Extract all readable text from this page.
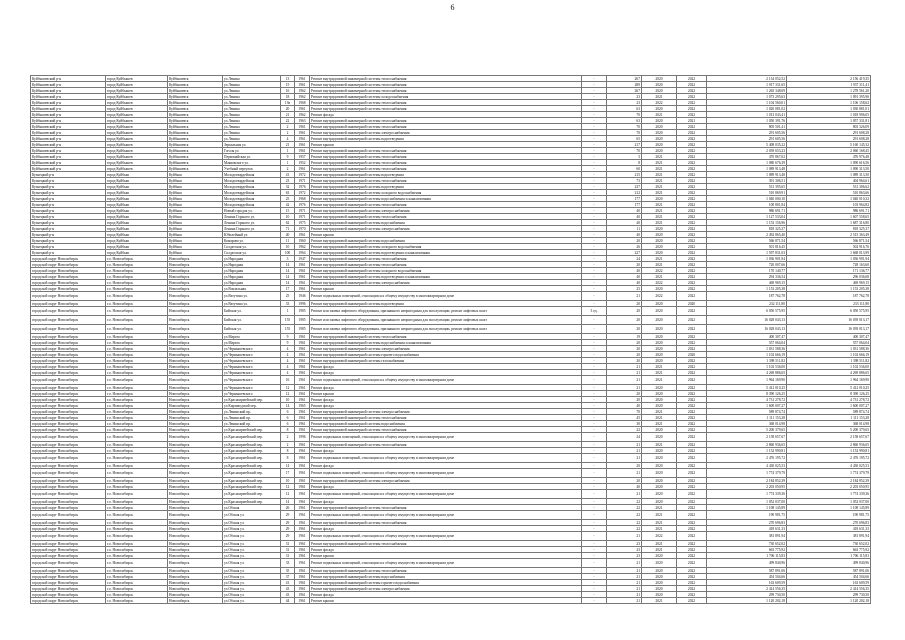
6
Куйбышевский р-н	город Куйбышев	Куйбышевск	ул.Ленина	13	1961	Ремонт внутридомовой инженерной системы теплоснабжения	-	267	2020	2022	2 134 052,52	2 156 419,35
Куйбышевский р-н	город Куйбышев	Куйбышевск	ул.Ленина	15	1961	Ремонт внутридомовой инженерной системы теплоснабжения	-	289	2020	2022	1 917 331,65	1 937 311,41
Куйбышевский р-н	город Куйбышев	Куйбышевск	ул.Ленина	16	1962	Ремонт внутридомовой инженерной системы теплоснабжения	-	267	2020	2022	1 265 348,09	1 278 561,20
Куйбышевский р-н	город Куйбышев	Куйбышевск	ул.Ленина	18	1962	Ремонт внутридомовой инженерной системы холодоснабжения	-	23	2021	2022	1 073 295,63	1 091 395,96
Куйбышевский р-н	город Куйбышев	Куйбышевск	ул.Ленина	19а	1968	Ремонт внутридомовой инженерной системы теплоснабжения	-	23	2022	2022	1 104 560,01	1 106 158,62
Куйбышевский р-н	город Куйбышев	Куйбышевск	ул.Ленина	20	1961	Ремонт внутридомовой инженерной системы теплоснабжения	-	63	2020	2022	1 020 081,02	1 030 881,01
Куйбышевский р-н	город Куйбышев	Куйбышевск	ул.Ленина	21	1962	Ремонт фасада	-	70	2021	2022	1 013 043,41	1 018 906,05
Куйбышевский р-н	город Куйбышев	Куйбышевск	ул.Ленина	22	1963	Ремонт внутридомовой инженерной системы теплоснабжения	-	63	2020	2021	1 050 391,76	1 057 331,81
Куйбышевский р-н	город Куйбышев	Куйбышевск	ул.Ленина	2	1961	Ремонт внутридомовой инженерной системы теплоснабжения	-	70	2020	2022	805 501,41	803 326,09
Куйбышевский р-н	город Куйбышев	Куйбышевск	ул.Ленина	2	1961	Ремонт внутридомовой инженерной системы электроснабжения	-	70	2020	2022	291 605,56	291 608,28
Куйбышевский р-н	город Куйбышев	Куйбышевск	ул.Ленина	4	1961	Ремонт внутридомовой инженерной системы водоотведения	-	65	2020	2022	291 605,56	291 608,28
Куйбышевский р-н	город Куйбышев	Куйбышевск	Зеркальная ул.	21	1961	Ремонт крыши	-	217	2020	2022	5 408 035,22	5 160 145,32
Куйбышевский р-н	город Куйбышев	Куйбышевск	Гоголя ул.	1	1961	Ремонт внутридомовой инженерной системы теплоснабжения	-	70	2020	2022	2 039 653,23	2 060 168,45
Куйбышевский р-н	город Куйбышев	Куйбышевск	Первомайская ул.	9	1957	Ремонт внутридомовой инженерной системы теплоснабжения	-	3	2021	2022	470 867,02	476 976,48
Куйбышевский р-н	город Куйбышев	Куйбышевск	Маяковского ул.	1	1952	Ремонт внутридомовой инженерной системы теплоснабжения	-	8	2021	2022	1 080 676,39	1 090 616,56
Куйбышевский р-н	город Куйбышев	Куйбышевск	Учебный переулок	2	1961	Ремонт внутридомовой инженерной системы теплоснабжения	-	60	2021	2022	1 089 913,48	1 090 313,50
Кузнецкий р-н	город Куйбыш	Куйбыш	Молодогвардейская	41	1972	Ремонт внутридомовой инженерной системы водоотведения	-	215	2021	2022	1 089 913,48	1 089 313,50
Кузнецкий р-н	город Куйбыш	Куйбыш	Молодогвардейская	23	1971	Ремонт внутридомовой инженерной системы теплоснабжения	-	73	2021	2022	391 306,51	404 964,61
Кузнецкий р-н	город Куйбыш	Куйбыш	Молодогвардейская	32	1976	Ремонт внутридомовой инженерной системы водоотведения	-	237	2021	2022	531 395,65	531 306,62
Кузнецкий р-н	город Куйбыш	Куйбыш	Молодогвардейская	63	1972	Ремонт внутридомовой инженерной системы холодного водоснабжения	-	212	2021	2022	510 869,91	510 863,66
Кузнецкий р-н	город Куйбыш	Куйбыш	Молодогвардейская	25	1968	Ремонт внутридомовой инженерной системы водоснабжения и канализования	-	177	2020	2022	1 040 000,10	1 040 010,32
Кузнецкий р-н	город Куйбыш	Куйбыш	Молодогвардейская	42	1976	Ремонт внутридомовой инженерной системы теплоснабжения	-	177	2021	2022	100 801,84	103 964,82
Кузнецкий р-н	город Куйбыш	Куйбыш	Новый городок ул.	15	1971	Ремонт внутридомовой инженерной системы электроснабжения	-	40	2021	2022	986 691,71	986 691,71
Кузнецкий р-н	город Куйбыш	Куйбыш	Ленина Горького ул.	10	1971	Ремонт внутридомовой инженерной системы теплоснабжения	-	40	2021	2022	1 127 533,04	1 607 558,65
Кузнецкий р-н	город Куйбыш	Куйбыш	Ленина Горького ул.	62	1975	Ремонт внутридомовой инженерной системы водоснабжения	-	40	2021	2022	1 153 156,96	1 687 316,80
Кузнецкий р-н	город Куйбыш	Куйбыш	Ленина Горького ул.	71	1970	Ремонт внутридомовой инженерной системы электроснабжения	-	11	2020	2022	818 325,37	818 325,37
Кузнецкий р-н	город Куйбыш	Куйбыш	Юбилейный ул.	40	1961	Ремонт крыши	-	40	2020	2022	2 492 865,40	2 515 363,49
Кузнецкий р-н	город Куйбыш	Куйбыш	Комарова ул.	11	1960	Ремонт внутридомовой инженерной системы водоснабжения	-	20	2020	2022	566 871,54	566 871,54
Кузнецкий р-н	город Куйбыш	Куйбыш	Солдатская ул.	10	1962	Ремонт внутридомовой инженерной системы холодного водоснабжения	-	26	2020	2022	501 816,45	502 916,76
Кузнецкий р-н	город Куйбыш	Куйбыш	Солдатская ул.	100	1964	Ремонт внутридомовой инженерной системы водоотведения и канализования	-	227	2020	2022	1 597 831,03	1 668 013,99
городской округ Новосибирск	г.о. Новосибирск	Новосибирск	ул.Народная	3	1947	Ремонт внутридомовой инженерной системы теплоснабжения	-	24	2021	2022	1 036 901,94	1 036 901,94
городской округ Новосибирск	г.о. Новосибирск	Новосибирск	ул.Народная	14	1961	Ремонт внутридомовой инженерной системы теплоснабжения	-	20	2021	2022	720 007,66	728 163,60
городской округ Новосибирск	г.о. Новосибирск	Новосибирск	ул.Народная	14	1961	Ремонт внутридомовой инженерной системы холодного водоснабжения	-	40	2022	2022	170 140,77	171 136,77
городской округ Новосибирск	г.о. Новосибирск	Новосибирск	ул.Народная	14	1961	Ремонт внутридомовой инженерной системы водоотведения и канализования	-	40	2021	2022	294 336,54	296 036,68
городской округ Новосибирск	г.о. Новосибирск	Новосибирск	ул.Народная	14	1961	Ремонт внутридомовой инженерной системы электроснабжения	-	40	2022	2022	469 969,15	469 969,15
городской округ Новосибирск	г.о. Новосибирск	Новосибирск	ул.Вокзальная	17	1961	Ремонт крыши	-	25	2020	2022	1 153 205,38	1 153 205,38
городской округ Новосибирск	г.о. Новосибирск	Новосибирск	ул.Ватутина ул.	25	1946	Ремонт подвальных помещений, относящихся к общему имуществу в многоквартирном доме	-	21	2022	2022	187 762,78	187 762,78
городской округ Новосибирск	г.о. Новосибирск	Новосибирск	ул.Ватутина ул.	33	1996	Ремонт внутридомовой инженерной системы водоотведения	-	20	2020	2020	232 111,80	233 111,80
городской округ Новосибирск	г.о. Новосибирск	Новосибирск	Бийская ул.	1	1985	Ремонт или замена лифтового оборудования, признанного непригодным для эксплуатации, ремонт лифтовых шахт	3 ед.	20	2020	2022	6 050 575,95	6 050 575,95
городской округ Новосибирск	г.о. Новосибирск	Новосибирск	Бийская ул.	155	1985	Ремонт или замена лифтового оборудования, признанного непригодным для эксплуатации, ремонт лифтовых шахт	-	20	2020	2022	16 028 043,13	16 039 013,17
городской округ Новосибирск	г.о. Новосибирск	Новосибирск	Бийская ул.	155	1985	Ремонт или замена лифтового оборудования, признанного непригодным для эксплуатации, ремонт лифтовых шахт	-	20	2020	2022	16 028 043,13	16 039 013,17
городской округ Новосибирск	г.о. Новосибирск	Новосибирск	ул.Марата	9	1961	Ремонт внутридомовой инженерной системы теплоснабжения	-	19	2020	2022	400 307,47	400 307,47
городской округ Новосибирск	г.о. Новосибирск	Новосибирск	ул.Марата	9	1961	Ремонт внутридомовой инженерной системы водоснабжения и канализования	-	20	2020	2022	557 064,04	557 064,04
городской округ Новосибирск	г.о. Новосибирск	Новосибирск	ул.Чернышевского	4	1961	Ремонт внутридомовой инженерной системы электроснабжения	-	20	2020	2022	1 031 588,36	1 031 588,36
городской округ Новосибирск	г.о. Новосибирск	Новосибирск	ул.Чернышевского	4	1961	Ремонт внутридомовой инженерной системы горячего водоснабжения	-	20	2020	2020	1 102 666,19	1 102 666,19
городской округ Новосибирск	г.о. Новосибирск	Новосибирск	ул.Чернышевского	4	1961	Ремонт внутридомовой инженерной системы газоснабжения	-	20	2020	2022	1 398 511,82	1 398 511,82
городской округ Новосибирск	г.о. Новосибирск	Новосибирск	ул.Чернышевского	4	1961	Ремонт фасада	-	21	2021	2022	1 102 536,00	1 102 536,00
городской округ Новосибирск	г.о. Новосибирск	Новосибирск	ул.Чернышевского	4	1961	Ремонт фасада	-	21	2021	2022	4 269 886,65	4 269 886,65
городской округ Новосибирск	г.о. Новосибирск	Новосибирск	ул.Чернышевского	16	1961	Ремонт подвальных помещений, относящихся к общему имуществу в многоквартирном доме	-	21	2021	2022	1 964 169,90	1 964 169,90
городской округ Новосибирск	г.о. Новосибирск	Новосибирск	ул.Чернышевского	12	1961	Ремонт фасада	-	21	2020	2022	5 412 010,25	5 412 010,25
городской округ Новосибирск	г.о. Новосибирск	Новосибирск	ул.Чернышевского	12	1961	Ремонт крыши	-	20	2020	2022	8 390 126,25	8 390 126,25
городской округ Новосибирск	г.о. Новосибирск	Новосибирск	ул.Красноармейский пер.	10	1961	Ремонт фасада	-	20	2020	2022	4 731 278,72	4 731 278,72
городской округ Новосибирск	г.о. Новосибирск	Новосибирск	ул.Кирзаводской пер.	14	1965	Ремонт фасада	-	40	2020	2022	1 600 007,27	1 600 007,27
городской округ Новосибирск	г.о. Новосибирск	Новосибирск	ул.Ленинский пр.	6	1961	Ремонт внутридомовой инженерной системы электроснабжения	-	70	2021	2022	589 874,74	589 874,74
городской округ Новосибирск	г.о. Новосибирск	Новосибирск	ул.Ленинский пр.	6	1961	Ремонт внутридомовой инженерной системы теплоснабжения	-	45	2021	2022	1 111 153,28	1 111 153,28
городской округ Новосибирск	г.о. Новосибирск	Новосибирск	ул.Ленинский пр.	6	1961	Ремонт внутридомовой инженерной системы водоснабжения	-	30	2021	2022	368 014,98	368 014,98
городской округ Новосибирск	г.о. Новосибирск	Новосибирск	ул.Красноармейский пер.	8	1961	Ремонт внутридомовой инженерной системы теплоснабжения	-	22	2020	2022	5 200 379,65	5 200 379,65
городской округ Новосибирск	г.о. Новосибирск	Новосибирск	ул.Красноармейский пер.	2	1996	Ремонт подвальных помещений, относящихся к общему имуществу в многоквартирном доме	-	24	2020	2022	2 158 657,67	2 158 657,67
городской округ Новосибирск	г.о. Новосибирск	Новосибирск	ул.Красноармейский пер.	2	1961	Ремонт внутридомовой инженерной системы теплоснабжения	-	21	2021	2022	2 860 936,65	2 860 936,65
городской округ Новосибирск	г.о. Новосибирск	Новосибирск	ул.Красноармейский пер.	8	1961	Ремонт фасада	-	21	2020	2022	1 152 990,81	1 152 990,81
городской округ Новосибирск	г.о. Новосибирск	Новосибирск	ул.Красноармейский пер.	8	1961	Ремонт подвальных помещений, относящихся к общему имуществу в многоквартирном доме	-	21	2020	2022	2 476 195,72	2 476 195,72
городской округ Новосибирск	г.о. Новосибирск	Новосибирск	ул.Красноармейский пер.	14	1961	Ремонт фасада	-	20	2020	2022	4 430 025,53	4 430 025,53
городской округ Новосибирск	г.о. Новосибирск	Новосибирск	ул.Красноармейский пер.	17	1961	Ремонт подвальных помещений, относящихся к общему имуществу в многоквартирном доме	-	21	2020	2022	1 774 379,79	1 774 379,79
городской округ Новосибирск	г.о. Новосибирск	Новосибирск	ул.Красноармейский пер.	10	1961	Ремонт внутридомовой инженерной системы электроснабжения	-	20	2020	2022	2 184 852,39	2 184 852,39
городской округ Новосибирск	г.о. Новосибирск	Новосибирск	ул.Красноармейский пер.	12	1961	Ремонт фасада	-	40	2020	2022	2 203 050,95	2 203 050,95
городской округ Новосибирск	г.о. Новосибирск	Новосибирск	ул.Красноармейский пер.	12	1961	Ремонт подвальных помещений, относящихся к общему имуществу в многоквартирном доме	-	21	2020	2022	1 774 339,36	1 774 339,36
городской округ Новосибирск	г.о. Новосибирск	Новосибирск	ул.Красноармейский пер.	14	1961	Ремонт фасада	-	22	2020	2022	1 052 037,00	1 052 037,00
городской округ Новосибирск	г.о. Новосибирск	Новосибирск	ул.Обская	26	1961	Ремонт внутридомовой инженерной системы теплоснабжения	-	22	2021	2022	1 108 145,89	1 108 145,89
городской округ Новосибирск	г.о. Новосибирск	Новосибирск	ул.Обская ул.	29	1961	Ремонт подвальных помещений, относящихся к общему имуществу в многоквартирном доме	-	22	2021	2022	190 981,75	190 981,75
городской округ Новосибирск	г.о. Новосибирск	Новосибирск	ул.Обская ул.	29	1961	Ремонт внутридомовой инженерной системы теплоснабжения	-	22	2021	2022	270 696,83	270 696,83
городской округ Новосибирск	г.о. Новосибирск	Новосибирск	ул.Обская ул.	29	1961	Ремонт фасада	-	22	2021	2022	418 631,33	418 631,33
городской округ Новосибирск	г.о. Новосибирск	Новосибирск	ул.Обская ул.	29	1961	Ремонт подвальных помещений, относящихся к общему имуществу в многоквартирном доме	-	21	2022	2022	381 891,94	381 891,94
городской округ Новосибирск	г.о. Новосибирск	Новосибирск	ул.Обская ул.	31	1961	Ремонт внутридомовой инженерной системы теплоснабжения	-	23	2021	2022	730 652,02	730 652,02
городской округ Новосибирск	г.о. Новосибирск	Новосибирск	ул.Обская ул.	31	1961	Ремонт фасада	-	23	2021	2022	663 775,92	663 775,92
городской округ Новосибирск	г.о. Новосибирск	Новосибирск	ул.Обская ул.	31	1961	Ремонт крыши	-	23	2020	2022	1 706 115,83	1 706 115,83
городской округ Новосибирск	г.о. Новосибирск	Новосибирск	ул.Обская ул.	33	1961	Ремонт подвальных помещений, относящихся к общему имуществу в многоквартирном доме	-	21	2020	2022	499 840,96	499 840,96
городской округ Новосибирск	г.о. Новосибирск	Новосибирск	ул.Обская ул.	35	1961	Ремонт внутридомовой инженерной системы теплоснабжения	-	21	2020	2022	587 891,06	587 891,06
городской округ Новосибирск	г.о. Новосибирск	Новосибирск	ул.Обская ул.	37	1961	Ремонт внутридомовой инженерной системы водоснабжения	-	21	2020	2022	454 504,66	454 504,66
городской округ Новосибирск	г.о. Новосибирск	Новосибирск	ул.Обская ул.	41	1961	Ремонт внутридомовой инженерной системы горячего водоснабжения	-	21	2020	2022	163 609,59	163 609,59
городской округ Новосибирск	г.о. Новосибирск	Новосибирск	ул.Обская ул.	43	1961	Ремонт внутридомовой инженерной системы электроснабжения	-	21	2020	2022	2 414 556,35	2 414 556,35
городской округ Новосибирск	г.о. Новосибирск	Новосибирск	ул.Обская ул.	43	1961	Ремонт фасада	-	21	2020	2022	299 730,50	299 730,50
городской округ Новосибирск	г.о. Новосибирск	Новосибирск	ул.Обская ул.	44	1961	Ремонт крыши	-	21	2021	2022	1 120 202,18	1 120 202,18
